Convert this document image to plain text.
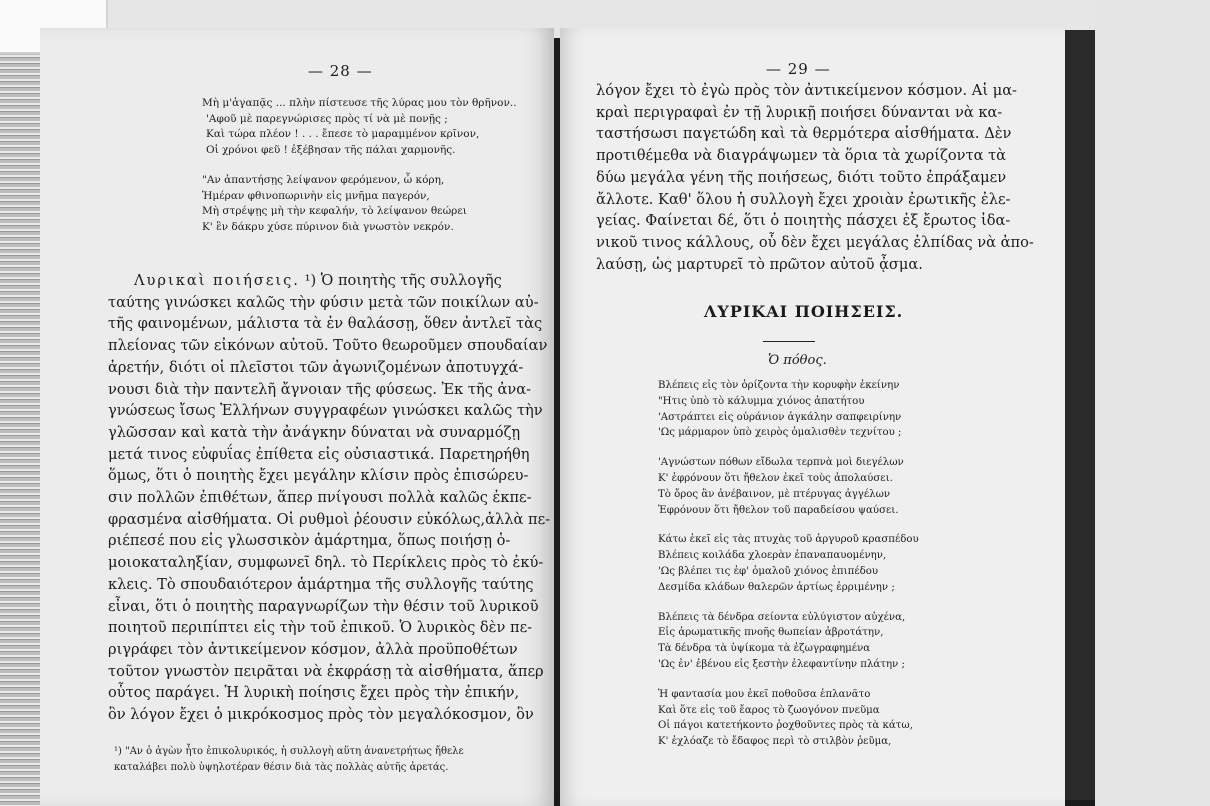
— 28 —
Μὴ μ'ἀγαπᾷς ... πλὴν πίστευσε τῆς λύρας μου τὸν θρῆνον..
'Αφοῦ μὲ παρεγνώρισες πρὸς τί νὰ μὲ πονῇς ;
Καὶ τώρα πλέον ! . . . ἔπεσε τὸ μαραμμένον κρῖνον,
Οἱ χρόνοι φεῦ ! ἐξέβησαν τῆς πάλαι χαρμονῆς.
"Αν ἀπαντήσῃς λείψανον φερόμενον, ὦ κόρη,
Ἡμέραν φθινοπωρινὴν εἰς μνῆμα παγερόν,
Μὴ στρέψῃς μὴ τὴν κεφαλήν, τὸ λείψανον θεώρει
Κ' ἓν δάκρυ χύσε πύρινον διὰ γνωστὸν νεκρόν.
Λυρικαὶ ποιήσεις. ¹) Ὁ ποιητὴς τῆς συλλογῆς
ταύτης γινώσκει καλῶς τὴν φύσιν μετὰ τῶν ποικίλων αὐ-
τῆς φαινομένων, μάλιστα τὰ ἐν θαλάσσῃ, ὅθεν ἀντλεῖ τὰς
πλείονας τῶν εἰκόνων αὐτοῦ. Τοῦτο θεωροῦμεν σπουδαίαν
ἀρετήν, διότι οἱ πλεῖστοι τῶν ἀγωνιζομένων ἀποτυγχά-
νουσι διὰ τὴν παντελῆ ἄγνοιαν τῆς φύσεως. Ἐκ τῆς ἀνα-
γνώσεως ἴσως Ἑλλήνων συγγραφέων γινώσκει καλῶς τὴν
γλῶσσαν καὶ κατὰ τὴν ἀνάγκην δύναται νὰ συναρμόζῃ
μετά τινος εὐφυΐας ἐπίθετα εἰς οὐσιαστικά. Παρετηρήθη
ὅμως, ὅτι ὁ ποιητὴς ἔχει μεγάλην κλίσιν πρὸς ἐπισώρευ-
σιν πολλῶν ἐπιθέτων, ἅπερ πνίγουσι πολλὰ καλῶς ἐκπε-
φρασμένα αἰσθήματα. Οἱ ρυθμοὶ ῥέουσιν εὐκόλως,ἀλλὰ πε-
ριέπεσέ που εἰς γλωσσικὸν ἁμάρτημα, ὅπως ποιήσῃ ὁ-
μοιοκαταληξίαν, συμφωνεῖ δηλ. τὸ Περίκλεις πρὸς τὸ ἐκύ-
κλεις. Τὸ σπουδαιότερον ἁμάρτημα τῆς συλλογῆς ταύτης
εἶναι, ὅτι ὁ ποιητὴς παραγνωρίζων τὴν θέσιν τοῦ λυρικοῦ
ποιητοῦ περιπίπτει εἰς τὴν τοῦ ἐπικοῦ. Ὁ λυρικὸς δὲν πε-
ριγράφει τὸν ἀντικείμενον κόσμον, ἀλλὰ προϋποθέτων
τοῦτον γνωστὸν πειρᾶται νὰ ἐκφράσῃ τὰ αἰσθήματα, ἅπερ
οὗτος παράγει. Ἡ λυρικὴ ποίησις ἔχει πρὸς τὴν ἐπικήν,
ὃν λόγον ἔχει ὁ μικρόκοσμος πρὸς τὸν μεγαλόκοσμον, ὃν
¹) "Αν ὁ ἀγὼν ἦτο ἐπικολυρικός, ἡ συλλογὴ αὕτη ἀνανετρήτως ἤθελε
καταλάβει πολὺ ὑψηλοτέραν θέσιν διὰ τὰς πολλὰς αὐτῆς ἀρετάς.
— 29 —
λόγον ἔχει τὸ ἐγὼ πρὸς τὸν ἀντικείμενον κόσμον. Αἱ μα-
κραὶ περιγραφαὶ ἐν τῇ λυρικῇ ποιήσει δύνανται νὰ κα-
ταστήσωσι παγετώδη καὶ τὰ θερμότερα αἰσθήματα. Δὲν
προτιθέμεθα νὰ διαγράψωμεν τὰ ὅρια τὰ χωρίζοντα τὰ
δύω μεγάλα γένη τῆς ποιήσεως, διότι τοῦτο ἐπράξαμεν
ἄλλοτε. Καθ' ὅλου ἡ συλλογὴ ἔχει χροιὰν ἐρωτικῆς ἐλε-
γείας. Φαίνεται δέ, ὅτι ὁ ποιητὴς πάσχει ἐξ ἔρωτος ἰδα-
νικοῦ τινος κάλλους, οὗ δὲν ἔχει μεγάλας ἐλπίδας νὰ ἀπο-
λαύσῃ, ὡς μαρτυρεῖ τὸ πρῶτον αὐτοῦ ᾆσμα.
ΛΥΡΙΚΑΙ ΠΟΙΗΣΕΙΣ.
Ὁ πόθος.
Βλέπεις εἰς τὸν ὁρίζοντα τὴν κορυφὴν ἐκείνην
"Ητις ὑπὸ τὸ κάλυμμα χιόνος ἀπατήτου
'Αστράπτει εἰς οὐράνιον ἀγκάλην σαπφειρίνην
'Ως μάρμαρον ὑπὸ χειρὸς ὁμαλισθὲν τεχνίτου ;
'Αγνώστων πόθων εἴδωλα τερπνὰ μοὶ διεγέλων
Κ' ἐφρόνουν ὅτι ἤθελον ἐκεῖ τοὺς ἀπολαύσει.
Τὸ ὄρος ἂν ἀνέβαινον, μὲ πτέρυγας ἀγγέλων
Ἐφρόνουν ὅτι ἤθελον τοῦ παραδείσου ψαύσει.
Κάτω ἐκεῖ εἰς τὰς πτυχὰς τοῦ ἀργυροῦ κρασπέδου
Βλέπεις κοιλάδα χλοερὰν ἐπαναπαυομένην,
'Ως βλέπει τις ἐφ' ὁμαλοῦ χιόνος ἐπιπέδου
Δεσμίδα κλάδων θαλερῶν ἀρτίως ἐρριμένην ;
Βλέπεις τὰ δένδρα σείοντα εὐλύγιστον αὐχένα,
Εἰς ἀρωματικῆς πνοῆς θωπείαν ἁβροτάτην,
Τὰ δένδρα τὰ ὑψίκομα τὰ ἐζωγραφημένα
'Ως ἐν' ἐβένου εἰς ξεστὴν ἐλεφαντίνην πλάτην ;
Ἡ φαντασία μου ἐκεῖ ποθοῦσα ἐπλανᾶτο
Καὶ ὅτε εἰς τοῦ ἔαρος τὸ ζωογόνον πνεῦμα
Οἱ πάγοι κατετήκοντο ῥοχθοῦντες πρὸς τὰ κάτω,
Κ' ἐχλόαζε τὸ ἔδαφος περὶ τὸ στιλβὸν ῥεῦμα,
